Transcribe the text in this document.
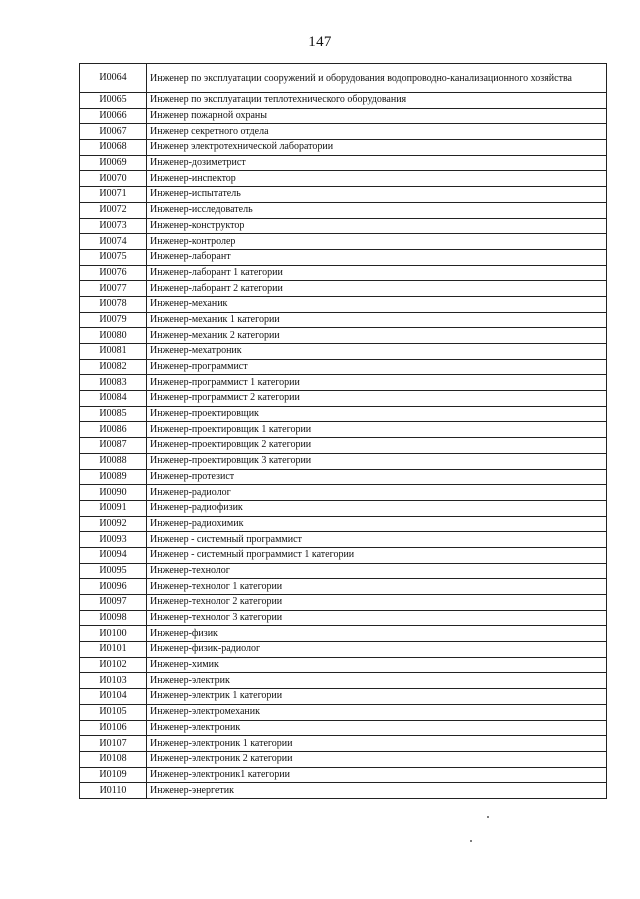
147
И0064	Инженер по эксплуатации сооружений и оборудования водопроводно-канализационного хозяйства
И0065	Инженер по эксплуатации теплотехнического оборудования
И0066	Инженер пожарной охраны
И0067	Инженер секретного отдела
И0068	Инженер электротехнической лаборатории
И0069	Инженер-дозиметрист
И0070	Инженер-инспектор
И0071	Инженер-испытатель
И0072	Инженер-исследователь
И0073	Инженер-конструктор
И0074	Инженер-контролер
И0075	Инженер-лаборант
И0076	Инженер-лаборант 1 категории
И0077	Инженер-лаборант 2 категории
И0078	Инженер-механик
И0079	Инженер-механик 1 категории
И0080	Инженер-механик 2 категории
И0081	Инженер-мехатроник
И0082	Инженер-программист
И0083	Инженер-программист 1 категории
И0084	Инженер-программист 2 категории
И0085	Инженер-проектировщик
И0086	Инженер-проектировщик 1 категории
И0087	Инженер-проектировщик 2 категории
И0088	Инженер-проектировщик 3 категории
И0089	Инженер-протезист
И0090	Инженер-радиолог
И0091	Инженер-радиофизик
И0092	Инженер-радиохимик
И0093	Инженер - системный программист
И0094	Инженер - системный программист 1 категории
И0095	Инженер-технолог
И0096	Инженер-технолог 1 категории
И0097	Инженер-технолог 2 категории
И0098	Инженер-технолог 3 категории
И0100	Инженер-физик
И0101	Инженер-физик-радиолог
И0102	Инженер-химик
И0103	Инженер-электрик
И0104	Инженер-электрик 1 категории
И0105	Инженер-электромеханик
И0106	Инженер-электроник
И0107	Инженер-электроник 1 категории
И0108	Инженер-электроник 2 категории
И0109	Инженер-электроник1 категории
И0110	Инженер-энергетик
